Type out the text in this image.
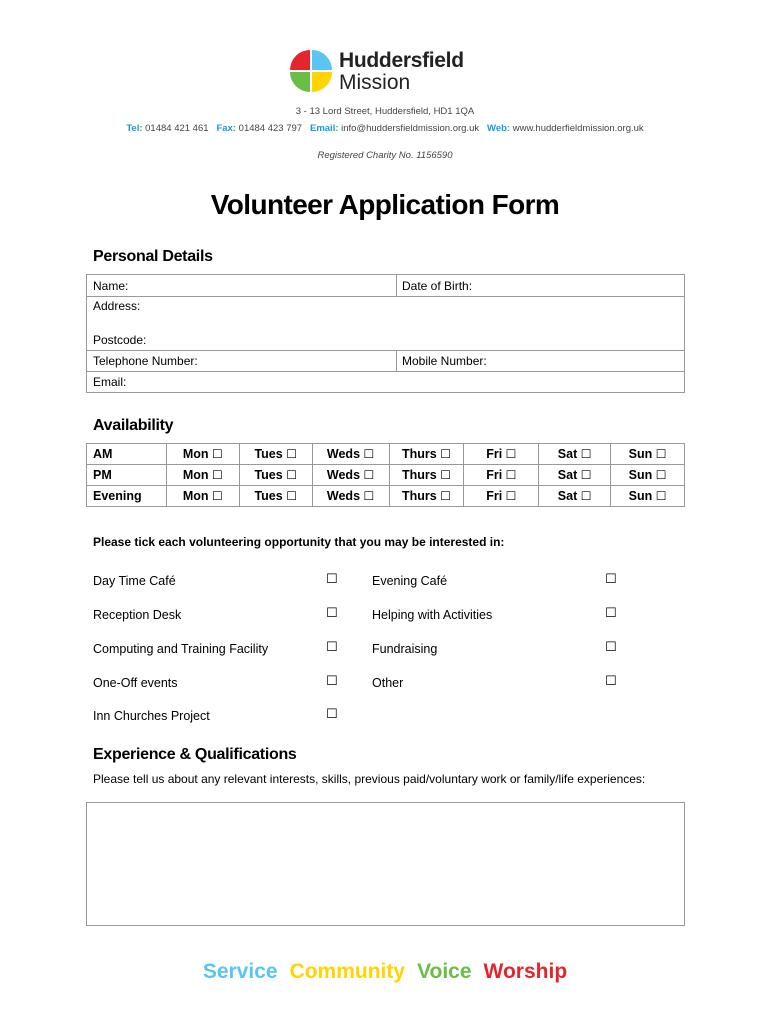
Huddersfield
Mission
3 - 13 Lord Street, Huddersfield, HD1 1QA
Tel: 01484 421 461 Fax: 01484 423 797 Email: info@huddersfieldmission.org.uk Web: www.hudderfieldmission.org.uk
Registered Charity No. 1156590
Volunteer Application Form
Personal Details
Name:	Date of Birth:
Address:
Postcode:
Telephone Number:	Mobile Number:
Email:
Availability
AM	Mon ☐	Tues ☐	Weds ☐	Thurs ☐	Fri ☐	Sat ☐	Sun ☐
PM	Mon ☐	Tues ☐	Weds ☐	Thurs ☐	Fri ☐	Sat ☐	Sun ☐
Evening	Mon ☐	Tues ☐	Weds ☐	Thurs ☐	Fri ☐	Sat ☐	Sun ☐
Please tick each volunteering opportunity that you may be interested in:
Day Time Café	☐
Reception Desk	☐
Computing and Training Facility	☐
One-Off events	☐
Inn Churches Project	☐
Evening Café	☐
Helping with Activities	☐
Fundraising	☐
Other	☐
Experience & Qualifications
Please tell us about any relevant interests, skills, previous paid/voluntary work or family/life experiences:
Service Community Voice Worship
